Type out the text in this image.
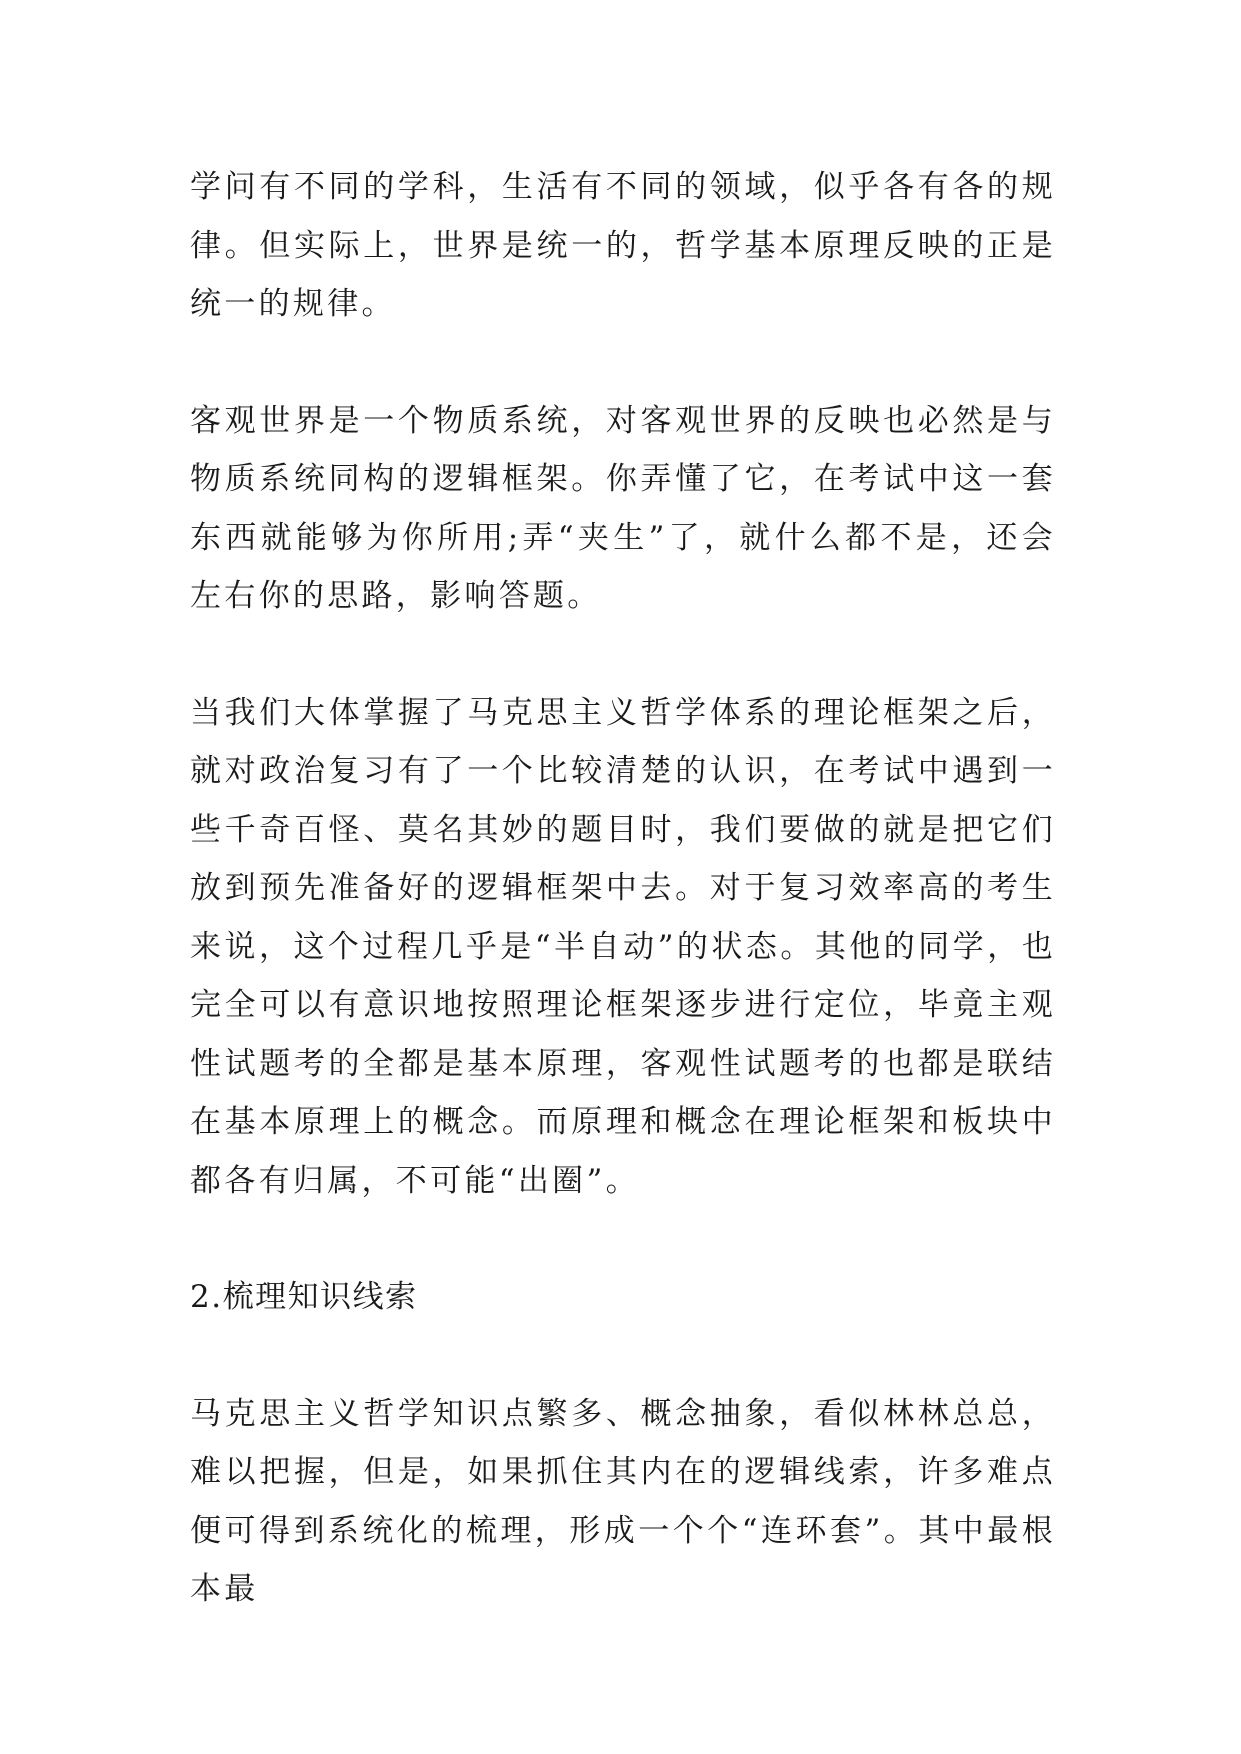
学问有不同的学科，生活有不同的领域，似乎各有各的规律。但实际上，世界是统一的，哲学基本原理反映的正是统一的规律。

客观世界是一个物质系统，对客观世界的反映也必然是与物质系统同构的逻辑框架。你弄懂了它，在考试中这一套东西就能够为你所用;弄“夹生”了，就什么都不是，还会左右你的思路，影响答题。

当我们大体掌握了马克思主义哲学体系的理论框架之后，就对政治复习有了一个比较清楚的认识，在考试中遇到一些千奇百怪、莫名其妙的题目时，我们要做的就是把它们放到预先准备好的逻辑框架中去。对于复习效率高的考生来说，这个过程几乎是“半自动”的状态。其他的同学，也完全可以有意识地按照理论框架逐步进行定位，毕竟主观性试题考的全都是基本原理，客观性试题考的也都是联结在基本原理上的概念。而原理和概念在理论框架和板块中都各有归属，不可能“出圈”。

2.梳理知识线索

马克思主义哲学知识点繁多、概念抽象，看似林林总总，难以把握，但是，如果抓住其内在的逻辑线索，许多难点便可得到系统化的梳理，形成一个个“连环套”。其中最根本最
